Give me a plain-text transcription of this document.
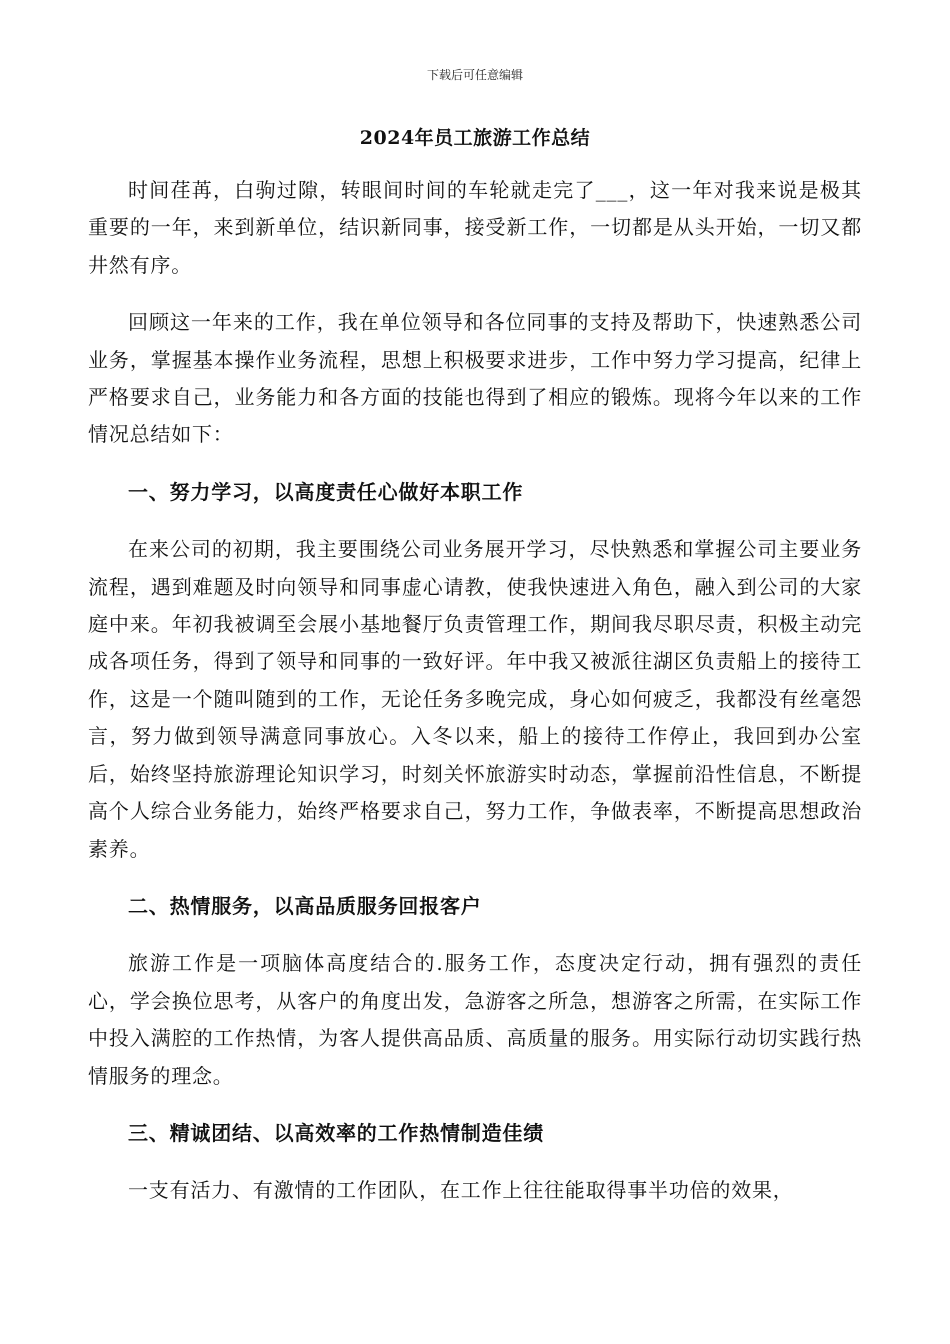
下载后可任意编辑
2024年员工旅游工作总结

时间荏苒，白驹过隙，转眼间时间的车轮就走完了___，这一年对我来说是极其重要的一年，来到新单位，结识新同事，接受新工作，一切都是从头开始，一切又都井然有序。

回顾这一年来的工作，我在单位领导和各位同事的支持及帮助下，快速熟悉公司业务，掌握基本操作业务流程，思想上积极要求进步，工作中努力学习提高，纪律上严格要求自己，业务能力和各方面的技能也得到了相应的锻炼。现将今年以来的工作情况总结如下：

一、努力学习，以高度责任心做好本职工作

在来公司的初期，我主要围绕公司业务展开学习，尽快熟悉和掌握公司主要业务流程，遇到难题及时向领导和同事虚心请教，使我快速进入角色，融入到公司的大家庭中来。年初我被调至会展小基地餐厅负责管理工作，期间我尽职尽责，积极主动完成各项任务，得到了领导和同事的一致好评。年中我又被派往湖区负责船上的接待工作，这是一个随叫随到的工作，无论任务多晚完成，身心如何疲乏，我都没有丝毫怨言，努力做到领导满意同事放心。入冬以来，船上的接待工作停止，我回到办公室后，始终坚持旅游理论知识学习，时刻关怀旅游实时动态，掌握前沿性信息，不断提高个人综合业务能力，始终严格要求自己，努力工作，争做表率，不断提高思想政治素养。

二、热情服务，以高品质服务回报客户

旅游工作是一项脑体高度结合的.服务工作，态度决定行动，拥有强烈的责任心，学会换位思考，从客户的角度出发，急游客之所急，想游客之所需，在实际工作中投入满腔的工作热情，为客人提供高品质、高质量的服务。用实际行动切实践行热情服务的理念。

三、精诚团结、以高效率的工作热情制造佳绩

一支有活力、有激情的工作团队，在工作上往往能取得事半功倍的效果，
